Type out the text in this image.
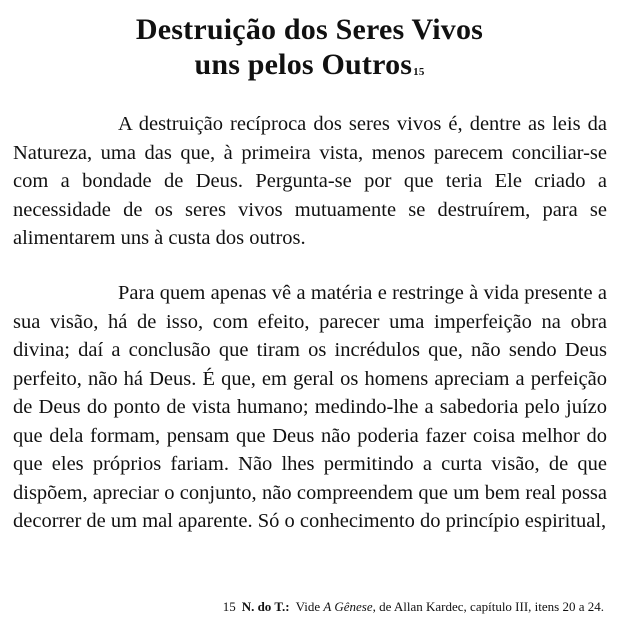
Destruição dos Seres Vivos
uns pelos Outros$^{15}$

A destruição recíproca dos seres vivos é, dentre as leis da Natureza, uma das que, à primeira vista, menos parecem conciliar-se com a bondade de Deus. Pergunta-se por que teria Ele criado a necessidade de os seres vivos mutuamente se destruírem, para se alimentarem uns à custa dos outros.

Para quem apenas vê a matéria e restringe à vida presente a sua visão, há de isso, com efeito, parecer uma imperfeição na obra divina; daí a conclusão que tiram os incrédulos que, não sendo Deus perfeito, não há Deus. É que, em geral os homens apreciam a perfeição de Deus do ponto de vista humano; medindo-lhe a sabedoria pelo juízo que dela formam, pensam que Deus não poderia fazer coisa melhor do que eles próprios fariam. Não lhes permitindo a curta visão, de que dispõem, apreciar o conjunto, não compreendem que um bem real possa decorrer de um mal aparente. Só o conhecimento do princípio espiritual,

15 N. do T.: Vide A Gênese, de Allan Kardec, capítulo III, itens 20 a 24.
